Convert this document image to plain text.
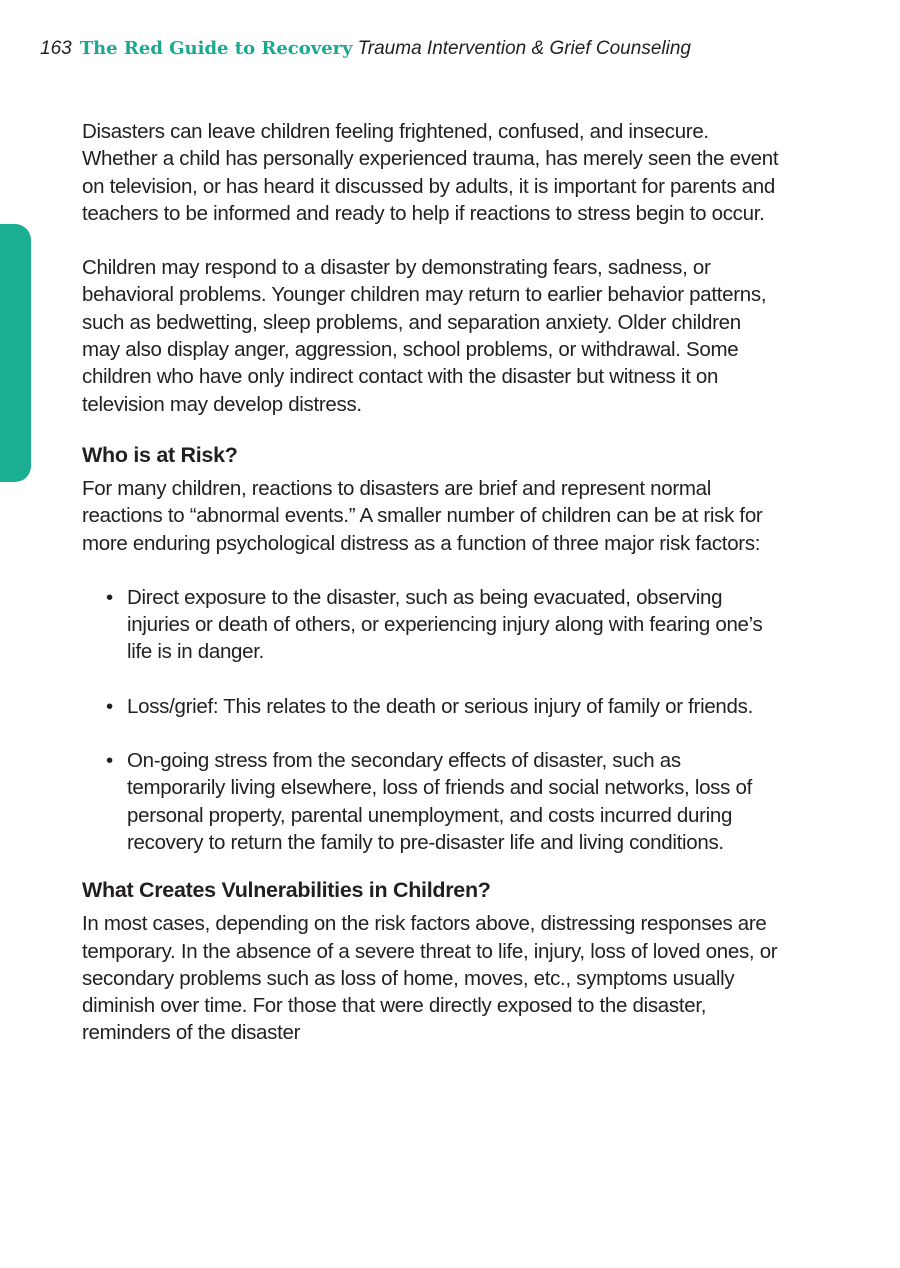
163 The Red Guide to Recovery Trauma Intervention & Grief Counseling

Disasters can leave children feeling frightened, confused, and insecure. Whether a child has personally experienced trauma, has merely seen the event on television, or has heard it discussed by adults, it is important for parents and teachers to be informed and ready to help if reactions to stress begin to occur.

Children may respond to a disaster by demonstrating fears, sadness, or behavioral problems. Younger children may return to earlier behavior patterns, such as bedwetting, sleep problems, and separation anxiety. Older children may also display anger, aggression, school problems, or withdrawal. Some children who have only indirect contact with the disaster but witness it on television may develop distress.

Who is at Risk?

For many children, reactions to disasters are brief and represent normal reactions to “abnormal events.” A smaller number of children can be at risk for more enduring psychological distress as a function of three major risk factors:

• Direct exposure to the disaster, such as being evacuated, observing injuries or death of others, or experiencing injury along with fearing one’s life is in danger.
• Loss/grief: This relates to the death or serious injury of family or friends.
• On-going stress from the secondary effects of disaster, such as temporarily living elsewhere, loss of friends and social networks, loss of personal property, parental unemployment, and costs incurred during recovery to return the family to pre-disaster life and living conditions.
What Creates Vulnerabilities in Children?

In most cases, depending on the risk factors above, distressing responses are temporary. In the absence of a severe threat to life, injury, loss of loved ones, or secondary problems such as loss of home, moves, etc., symptoms usually diminish over time. For those that were directly exposed to the disaster, reminders of the disaster
